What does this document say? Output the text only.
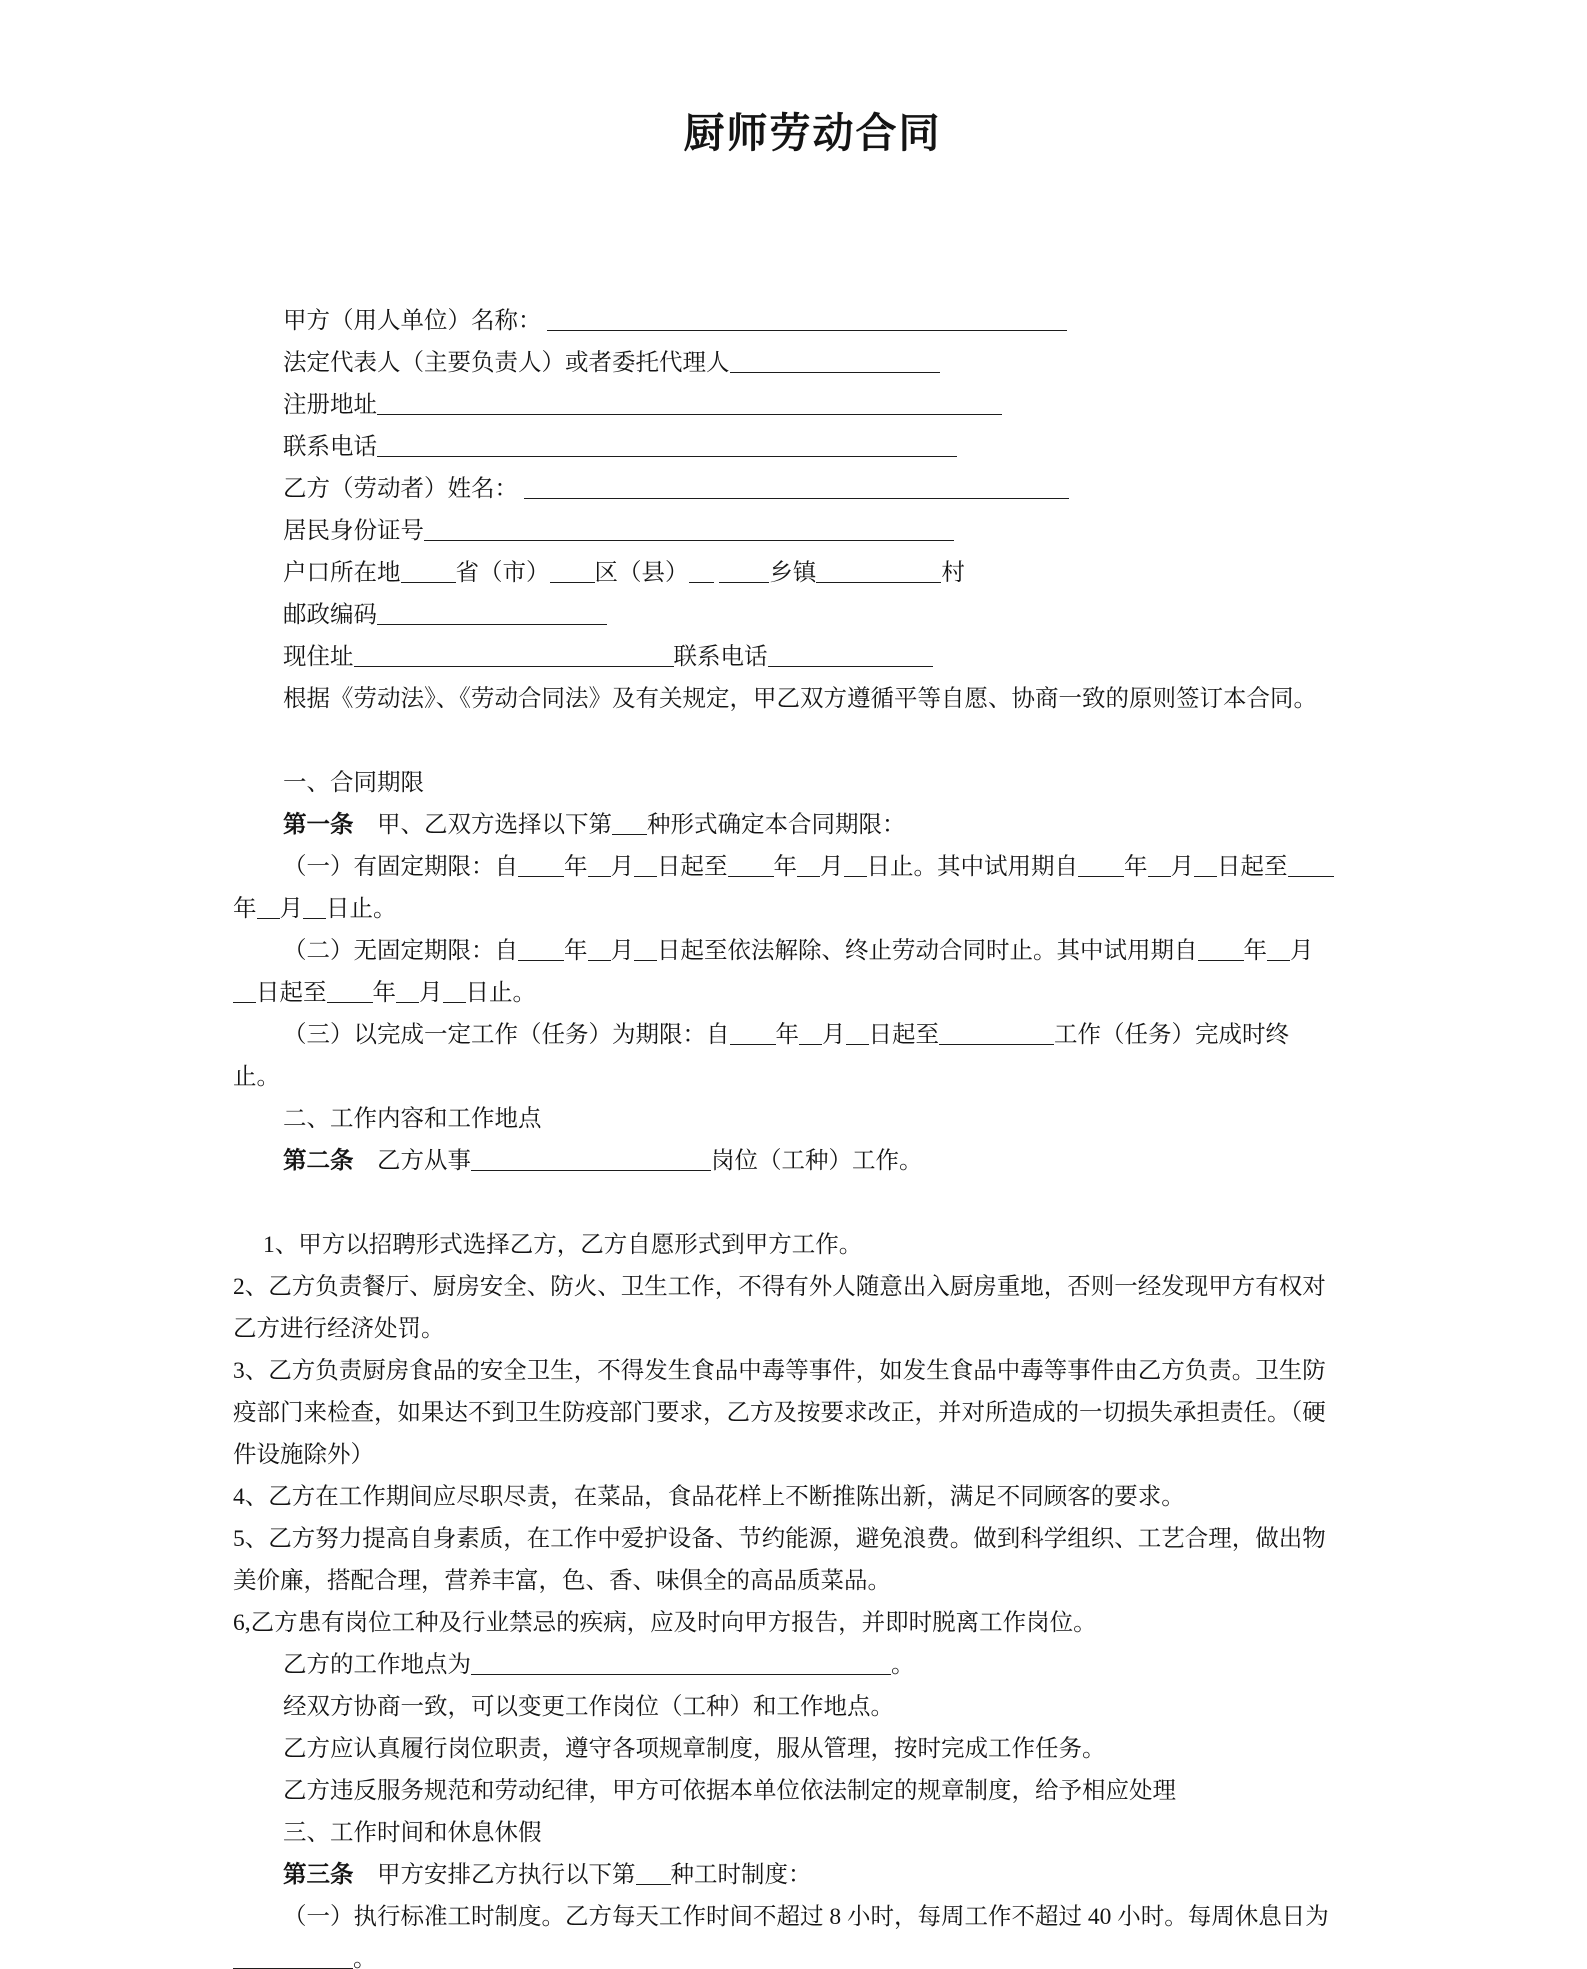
厨师劳动合同
甲方（用人单位）名称：
法定代表人（主要负责人）或者委托代理人
注册地址
联系电话
乙方（劳动者）姓名：
居民身份证号
户口所在地 省（市） 区（县）	乡镇	村
邮政编码
现住址	联系电话
根据《劳动法》、《劳动合同法》及有关规定，甲乙双方遵循平等自愿、协商一致的原则签订本合同。

一、合同期限
第一条　甲、乙双方选择以下第 种形式确定本合同期限：
（一）有固定期限：自 年 月 日起至 年 月 日止。其中试用期自 年 月 日起至
年 月 日止。
（二）无固定期限：自 年 月 日起至依法解除、终止劳动合同时止。其中试用期自 年 月
日起至 年 月 日止。
（三）以完成一定工作（任务）为期限：自 年 月 日起至	工作（任务）完成时终
止。
二、工作内容和工作地点
第二条　乙方从事	岗位（工种）工作。

1、甲方以招聘形式选择乙方，乙方自愿形式到甲方工作。
2、乙方负责餐厅、厨房安全、防火、卫生工作，不得有外人随意出入厨房重地，否则一经发现甲方有权对
乙方进行经济处罚。
3、乙方负责厨房食品的安全卫生，不得发生食品中毒等事件，如发生食品中毒等事件由乙方负责。卫生防
疫部门来检查，如果达不到卫生防疫部门要求，乙方及按要求改正，并对所造成的一切损失承担责任。（硬
件设施除外）
4、乙方在工作期间应尽职尽责，在菜品，食品花样上不断推陈出新，满足不同顾客的要求。
5、乙方努力提高自身素质，在工作中爱护设备、节约能源，避免浪费。做到科学组织、工艺合理，做出物
美价廉，搭配合理，营养丰富，色、香、味俱全的高品质菜品。
6,乙方患有岗位工种及行业禁忌的疾病，应及时向甲方报告，并即时脱离工作岗位。
乙方的工作地点为	。
经双方协商一致，可以变更工作岗位（工种）和工作地点。
乙方应认真履行岗位职责，遵守各项规章制度，服从管理，按时完成工作任务。
乙方违反服务规范和劳动纪律，甲方可依据本单位依法制定的规章制度，给予相应处理
三、工作时间和休息休假
第三条　甲方安排乙方执行以下第 种工时制度：
（一）执行标准工时制度。乙方每天工作时间不超过 8 小时，每周工作不超过 40 小时。每周休息日为
。
